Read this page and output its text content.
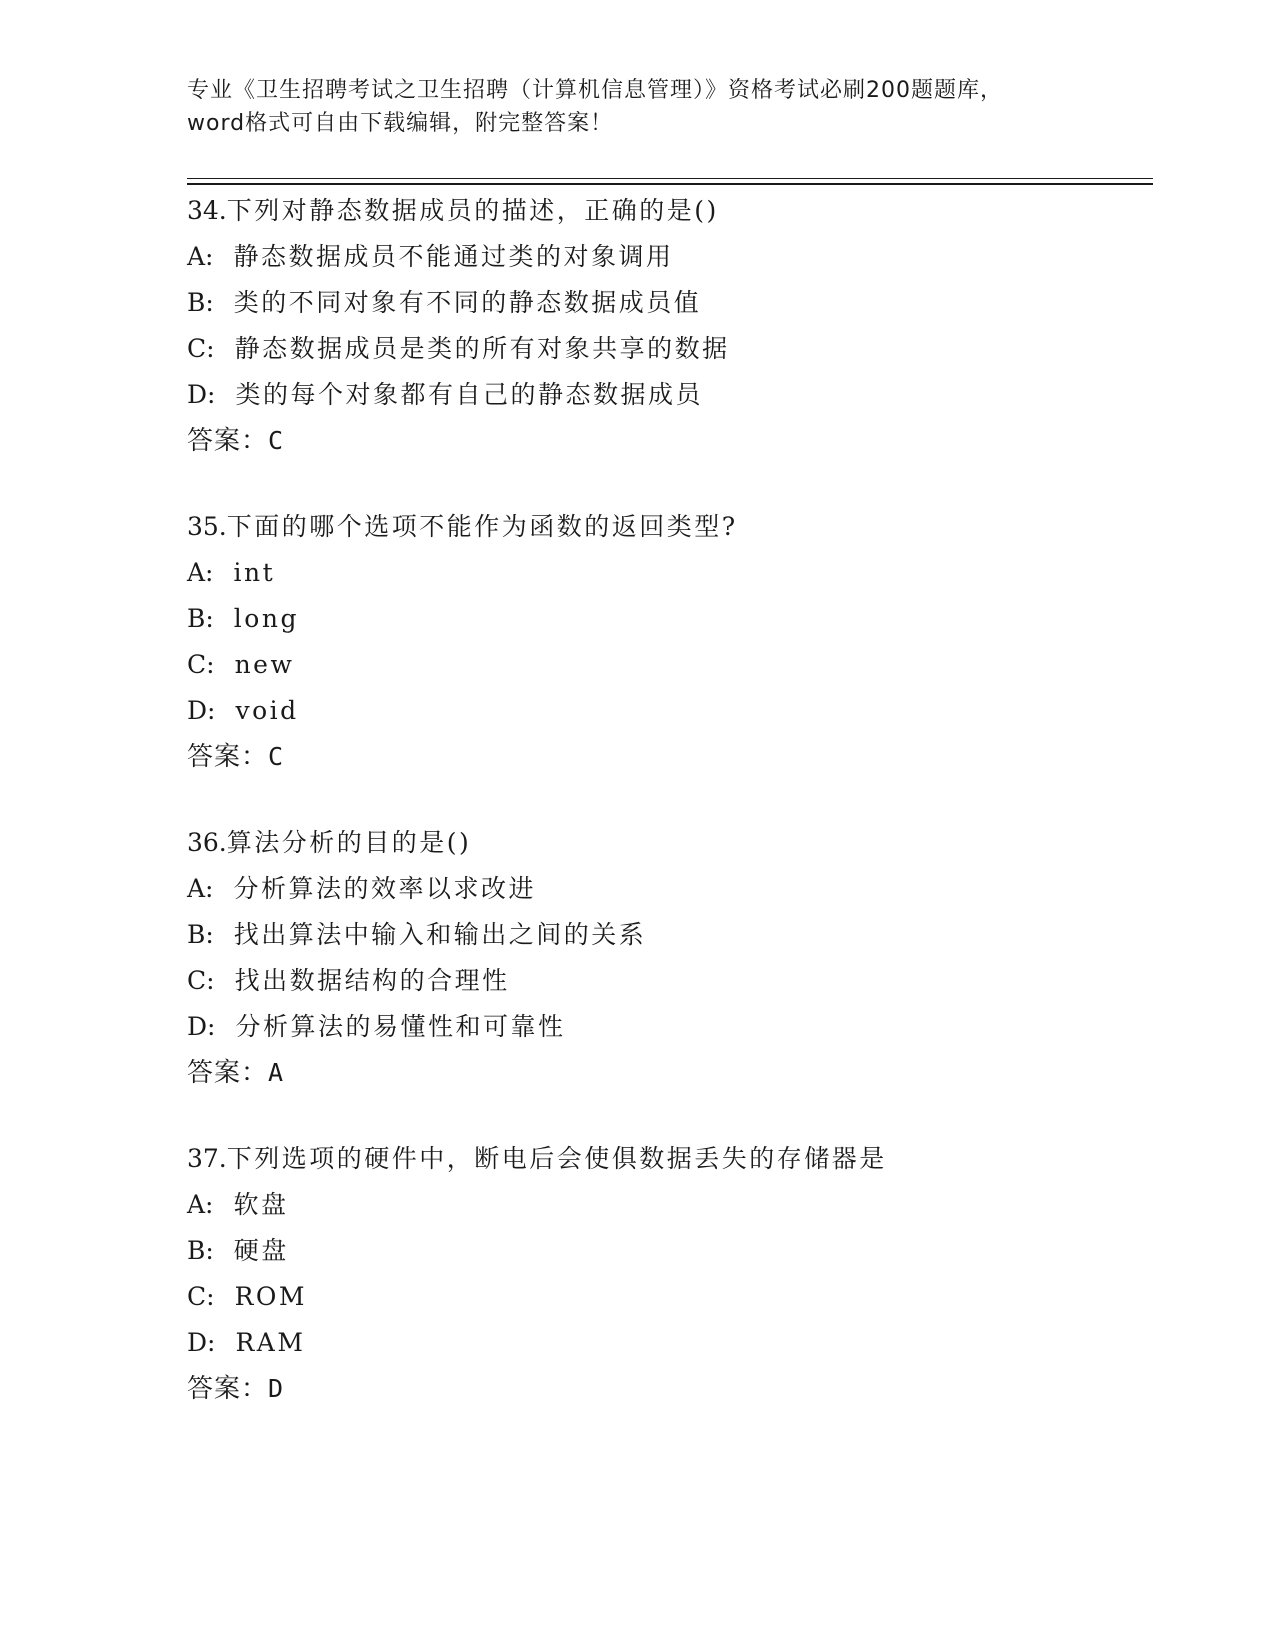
专业《卫生招聘考试之卫生招聘（计算机信息管理）》资格考试必刷200题题库，
word格式可自由下载编辑，附完整答案！
34.下列对静态数据成员的描述，正确的是()
A: 静态数据成员不能通过类的对象调用
B: 类的不同对象有不同的静态数据成员值
C: 静态数据成员是类的所有对象共享的数据
D: 类的每个对象都有自己的静态数据成员
答案：C
35.下面的哪个选项不能作为函数的返回类型?
A: int
B: long
C: new
D: void
答案：C
36.算法分析的目的是()
A: 分析算法的效率以求改进
B: 找出算法中输入和输出之间的关系
C: 找出数据结构的合理性
D: 分析算法的易懂性和可靠性
答案：A
37.下列选项的硬件中，断电后会使俱数据丢失的存储器是
A: 软盘
B: 硬盘
C: ROM
D: RAM
答案：D
